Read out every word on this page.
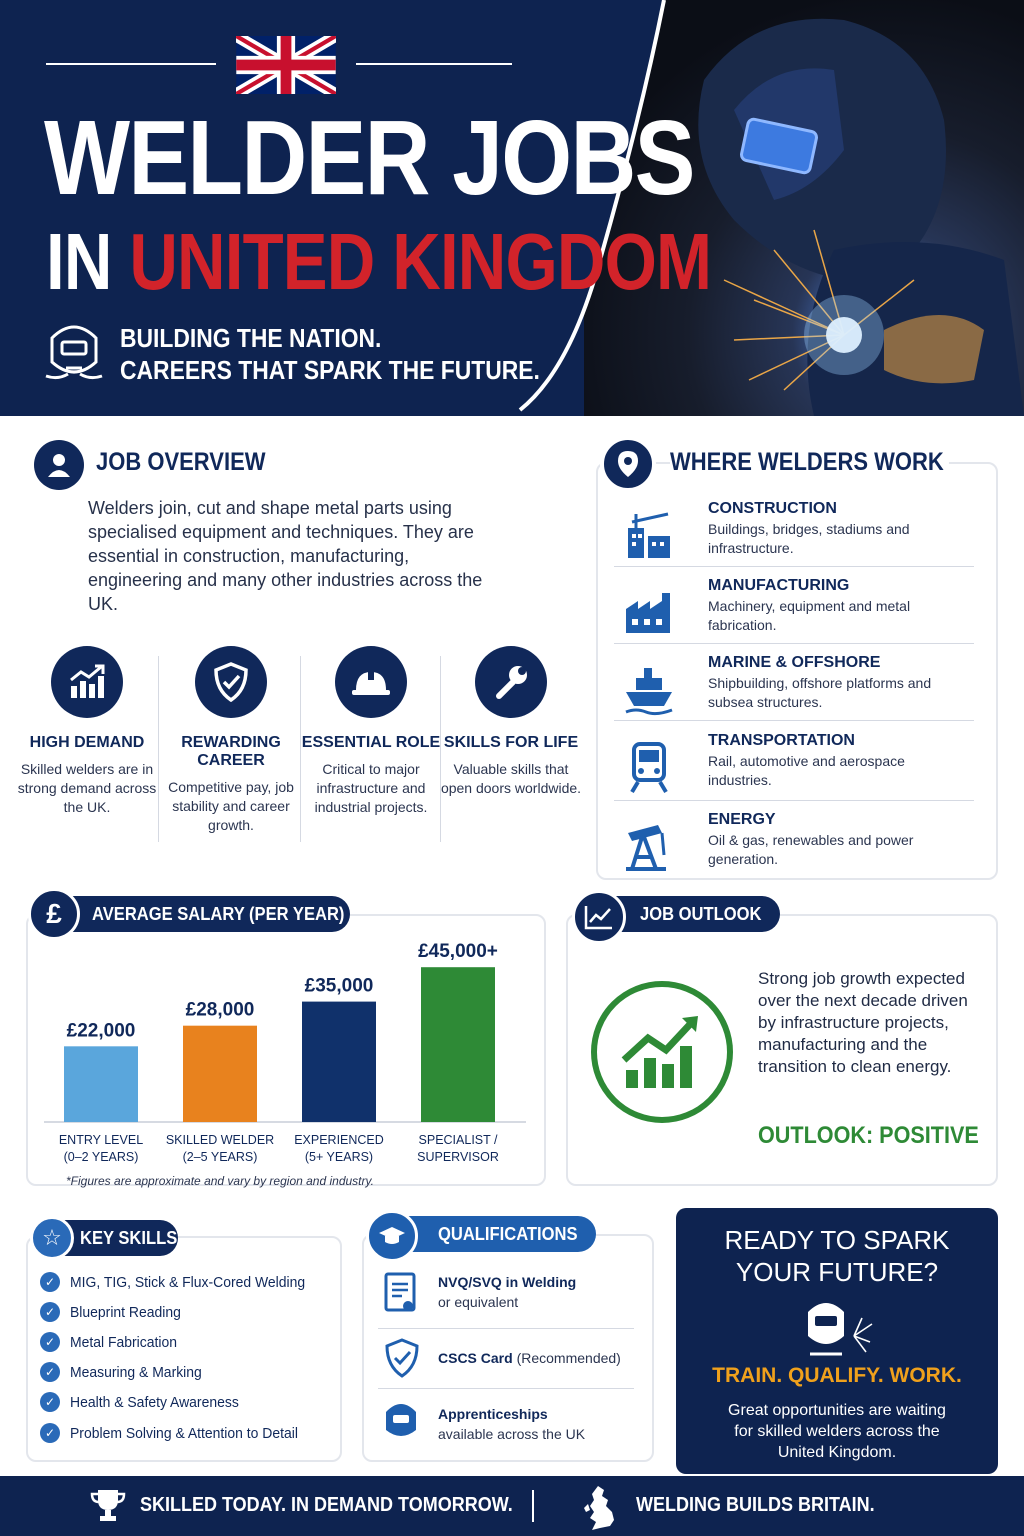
WELDER JOBS
IN UNITED KINGDOM
BUILDING THE NATION.
CAREERS THAT SPARK THE FUTURE.
JOB OVERVIEW
Welders join, cut and shape metal parts using specialised equipment and techniques. They are essential in construction, manufacturing, engineering and many other industries across the UK.
HIGH DEMAND
Skilled welders are in strong demand across the UK.
REWARDING CAREER
Competitive pay, job stability and career growth.
ESSENTIAL ROLE
Critical to major infrastructure and industrial projects.
SKILLS FOR LIFE
Valuable skills that open doors worldwide.
WHERE WELDERS WORK
CONSTRUCTION
Buildings, bridges, stadiums and infrastructure.
MANUFACTURING
Machinery, equipment and metal fabrication.
MARINE & OFFSHORE
Shipbuilding, offshore platforms and subsea structures.
TRANSPORTATION
Rail, automotive and aerospace industries.
ENERGY
Oil & gas, renewables and power generation.
AVERAGE SALARY (PER YEAR)
£
£22,000
ENTRY LEVEL
(0–2 YEARS)
£28,000
SKILLED WELDER
(2–5 YEARS)
£35,000
EXPERIENCED
(5+ YEARS)
£45,000+
SPECIALIST /
SUPERVISOR
*Figures are approximate and vary by region and industry.
JOB OUTLOOK
Strong job growth expected over the next decade driven by infrastructure projects, manufacturing and the transition to clean energy.
OUTLOOK: POSITIVE
KEY SKILLS
☆
✓ MIG, TIG, Stick & Flux-Cored Welding
✓ Blueprint Reading
✓ Metal Fabrication
✓ Measuring & Marking
✓ Health & Safety Awareness
✓ Problem Solving & Attention to Detail
QUALIFICATIONS
NVQ/SVQ in Welding
or equivalent
CSCS Card (Recommended)
Apprenticeships
available across the UK
READY TO SPARK
YOUR FUTURE?
TRAIN. QUALIFY. WORK.
Great opportunities are waiting for skilled welders across the United Kingdom.
SKILLED TODAY. IN DEMAND TOMORROW.	WELDING BUILDS BRITAIN.
